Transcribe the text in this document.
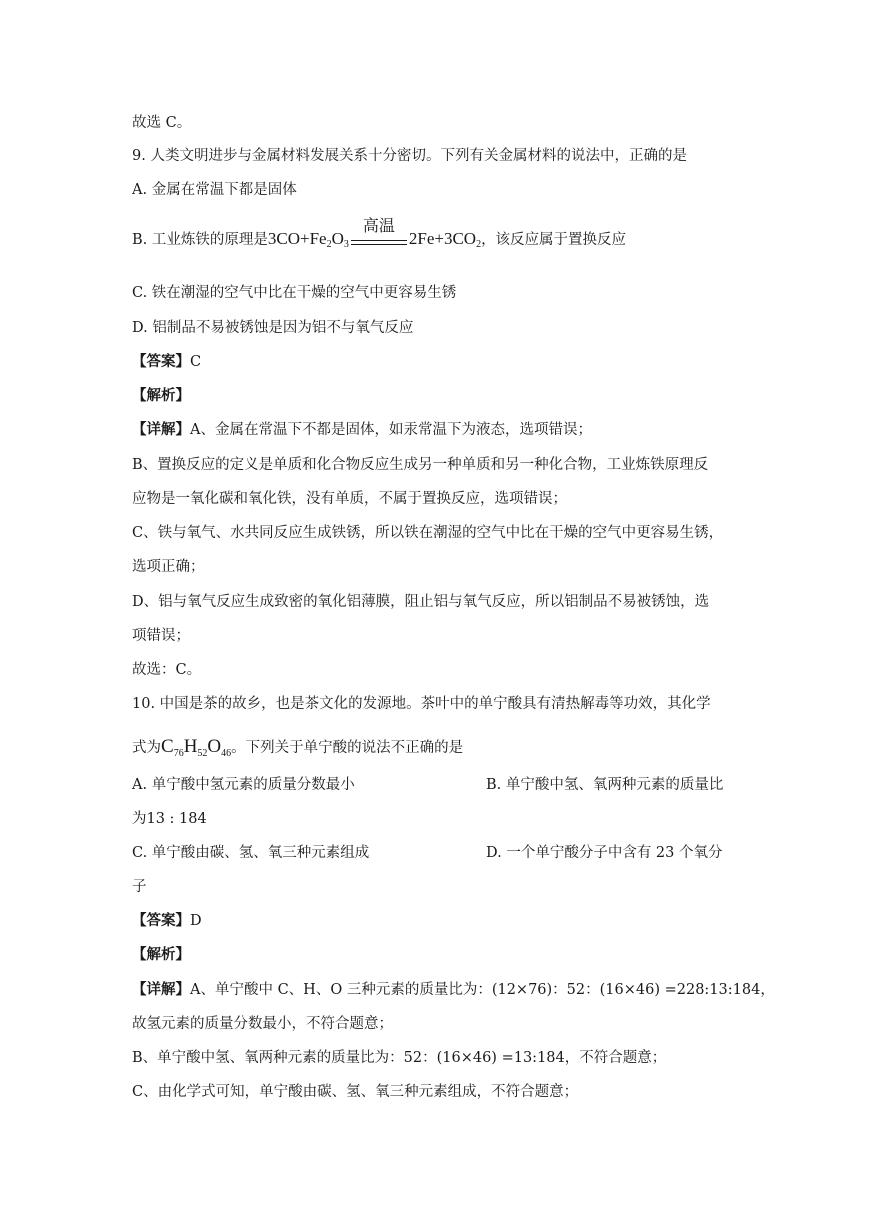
故选 C。
9. 人类文明进步与金属材料发展关系十分密切。下列有关金属材料的说法中，正确的是
A. 金属在常温下都是固体
B. 工业炼铁的原理是$3CO+Fe_2O_3$
高温
$2Fe+3CO_2$，该反应属于置换反应
C. 铁在潮湿的空气中比在干燥的空气中更容易生锈
D. 铝制品不易被锈蚀是因为铝不与氧气反应
【答案】C
【解析】
【详解】A、金属在常温下不都是固体，如汞常温下为液态，选项错误；
B、置换反应的定义是单质和化合物反应生成另一种单质和另一种化合物，工业炼铁原理反
应物是一氧化碳和氧化铁，没有单质，不属于置换反应，选项错误；
C、铁与氧气、水共同反应生成铁锈，所以铁在潮湿的空气中比在干燥的空气中更容易生锈，
选项正确；
D、铝与氧气反应生成致密的氧化铝薄膜，阻止铝与氧气反应，所以铝制品不易被锈蚀，选
项错误；
故选：C。
10. 中国是茶的故乡，也是茶文化的发源地。茶叶中的单宁酸具有清热解毒等功效，其化学
式为$C_{76}H_{52}O_{46}$。下列关于单宁酸的说法不正确的是
A. 单宁酸中氢元素的质量分数最小	B. 单宁酸中氢、氧两种元素的质量比
为13 : 184
C. 单宁酸由碳、氢、氧三种元素组成	D. 一个单宁酸分子中含有 23 个氧分
子
【答案】D
【解析】
【详解】A、单宁酸中 C、H、O 三种元素的质量比为：(12×76)：52：(16×46) =228:13:184，
故氢元素的质量分数最小，不符合题意；
B、单宁酸中氢、氧两种元素的质量比为：52：(16×46) =13:184，不符合题意；
C、由化学式可知，单宁酸由碳、氢、氧三种元素组成，不符合题意；
